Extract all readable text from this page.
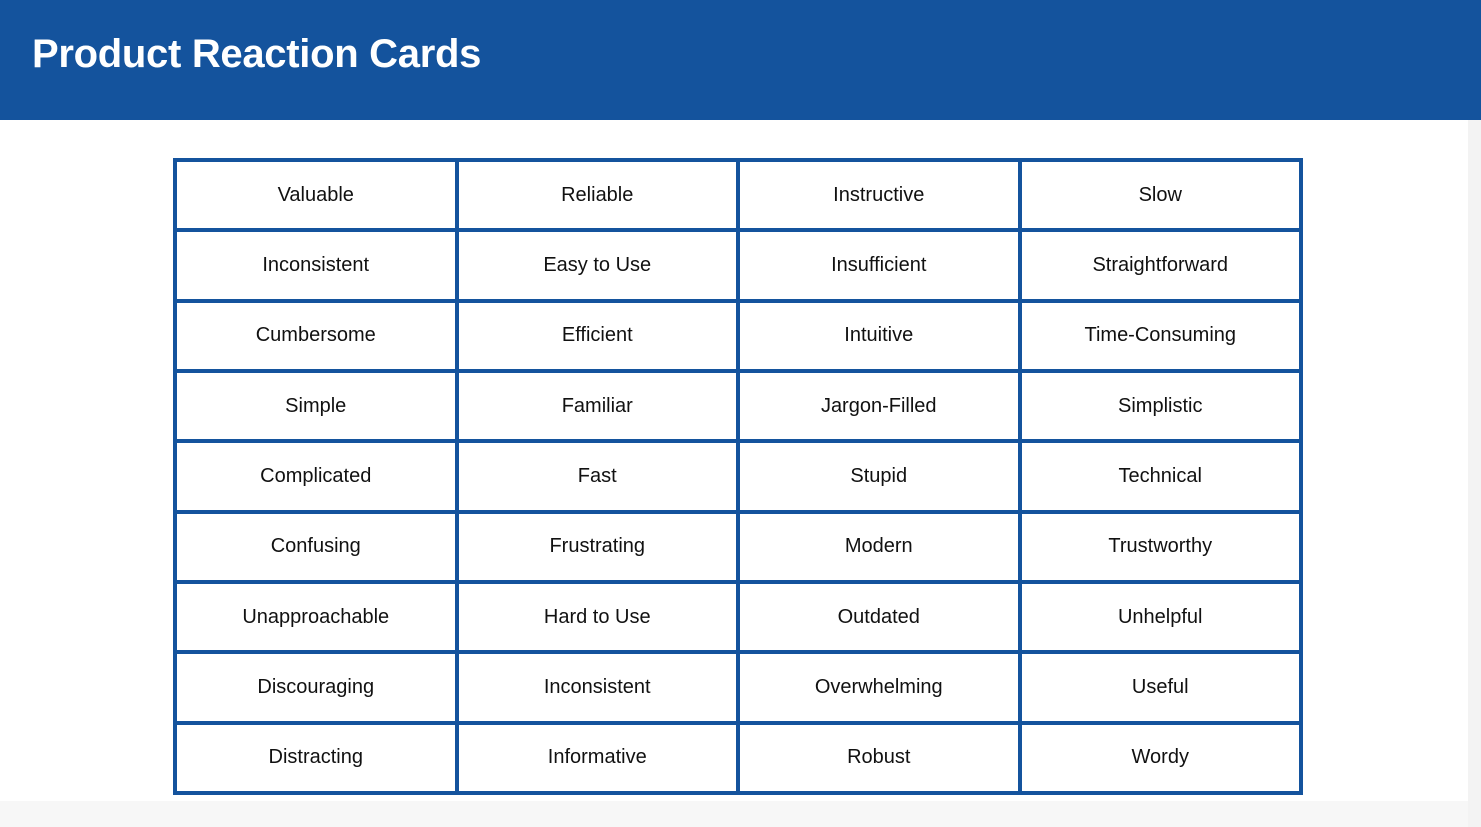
Product Reaction Cards
Valuable	Reliable	Instructive	Slow
Inconsistent	Easy to Use	Insufficient	Straightforward
Cumbersome	Efficient	Intuitive	Time-Consuming
Simple	Familiar	Jargon-Filled	Simplistic
Complicated	Fast	Stupid	Technical
Confusing	Frustrating	Modern	Trustworthy
Unapproachable	Hard to Use	Outdated	Unhelpful
Discouraging	Inconsistent	Overwhelming	Useful
Distracting	Informative	Robust	Wordy
